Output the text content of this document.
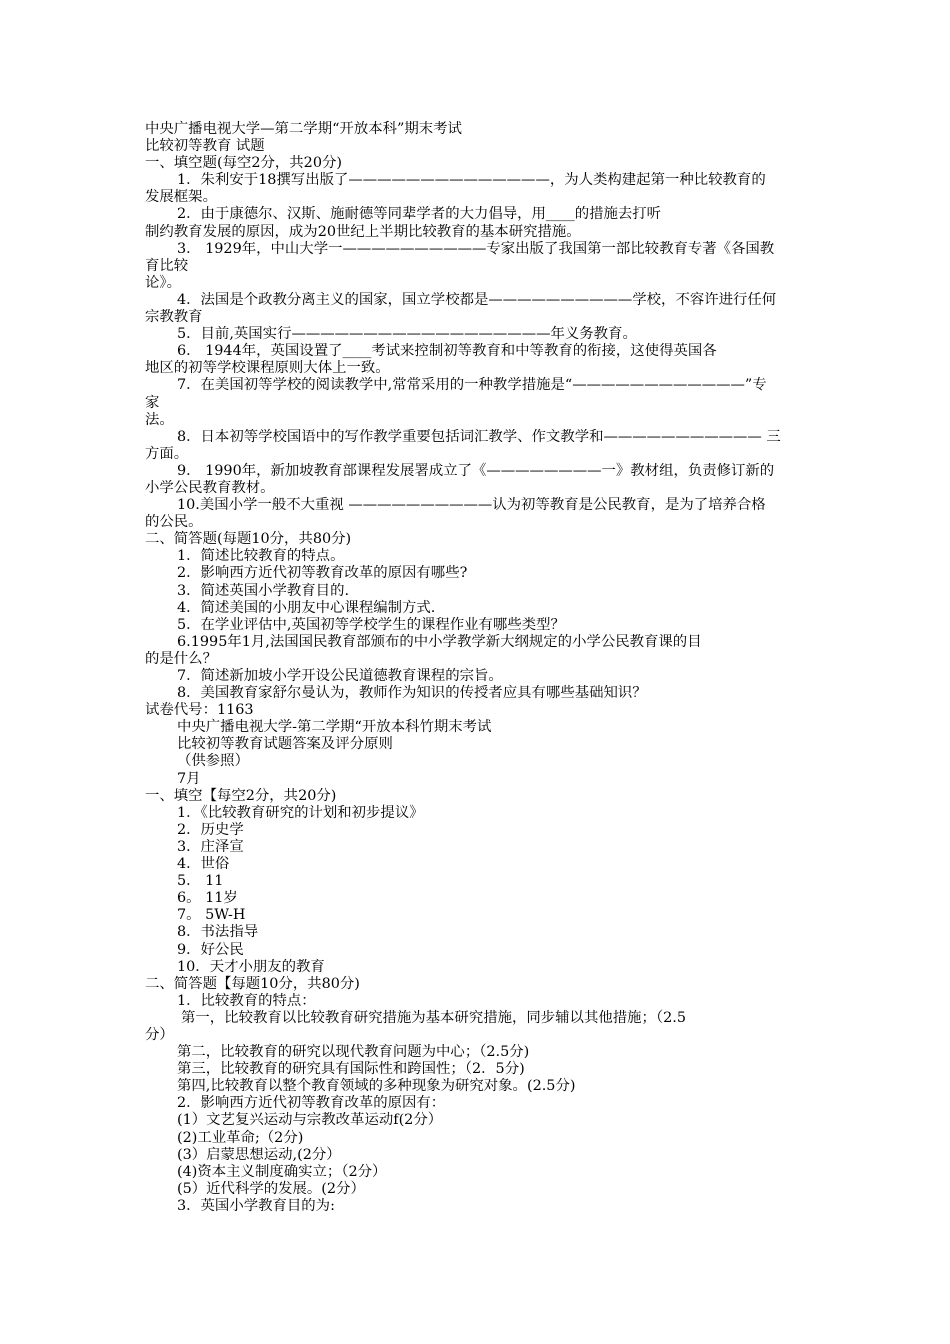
中央广播电视大学—第二学期“开放本科”期末考试
比较初等教育 试题
一、填空题(每空2分，共20分)
1．朱利安于18撰写出版了——————————————，为人类构建起第一种比较教育的
发展框架。
2．由于康德尔、汉斯、施耐德等同辈学者的大力倡导，用____的措施去打听
制约教育发展的原因，成为20世纪上半期比较教育的基本研究措施。
3． 1929年，中山大学一——————————专家出版了我国第一部比较教育专著《各国教
育比较
论》。
4．法国是个政教分离主义的国家，国立学校都是——————————学校，不容许进行任何
宗教教育
5．目前,英国实行——————————————————年义务教育。
6． 1944年，英国设置了____考试来控制初等教育和中等教育的衔接，这使得英国各
地区的初等学校课程原则大体上一致。
7．在美国初等学校的阅读教学中,常常采用的一种教学措施是“————————————”专
家
法。
8．日本初等学校国语中的写作教学重要包括词汇教学、作文教学和——————————— 三
方面。
9． 1990年，新加坡教育部课程发展署成立了《————————一》教材组，负责修订新的
小学公民教育教材。
10.美国小学一般不大重视 ——————————认为初等教育是公民教育，是为了培养合格
的公民。
二、简答题(每题10分，共80分)
1．简述比较教育的特点。
2．影响西方近代初等教育改革的原因有哪些?
3．简述英国小学教育目的.
4．简述美国的小朋友中心课程编制方式.
5．在学业评估中,英国初等学校学生的课程作业有哪些类型？
6.1995年1月,法国国民教育部颁布的中小学教学新大纲规定的小学公民教育课的目
的是什么？
7．简述新加坡小学开设公民道德教育课程的宗旨。
8．美国教育家舒尔曼认为，教师作为知识的传授者应具有哪些基础知识？
试卷代号：1163
中央广播电视大学-第二学期“开放本科竹期末考试
比较初等教育试题答案及评分原则
（供参照）
7月
一、填空【每空2分，共20分)
1．《比较教育研究的计划和初步提议》
2．历史学
3．庄泽宣
4．世俗
5． 11
6。 11岁
7。 5W-H
8．书法指导
9．好公民
10．天才小朋友的教育
二、简答题【每题10分，共80分)
1．比较教育的特点：
第一，比较教育以比较教育研究措施为基本研究措施，同步辅以其他措施；（2.5
分）
第二，比较教育的研究以现代教育问题为中心；（2.5分)
第三，比较教育的研究具有国际性和跨国性；（2．5分)
第四,比较教育以整个教育领域的多种现象为研究对象。(2.5分)
2．影响西方近代初等教育改革的原因有：
(1）文艺复兴运动与宗教改革运动f(2分）
(2)工业革命;（2分)
(3）启蒙思想运动,(2分）
(4)资本主义制度确实立；（2分）
(5）近代科学的发展。(2分）
3．英国小学教育目的为:
